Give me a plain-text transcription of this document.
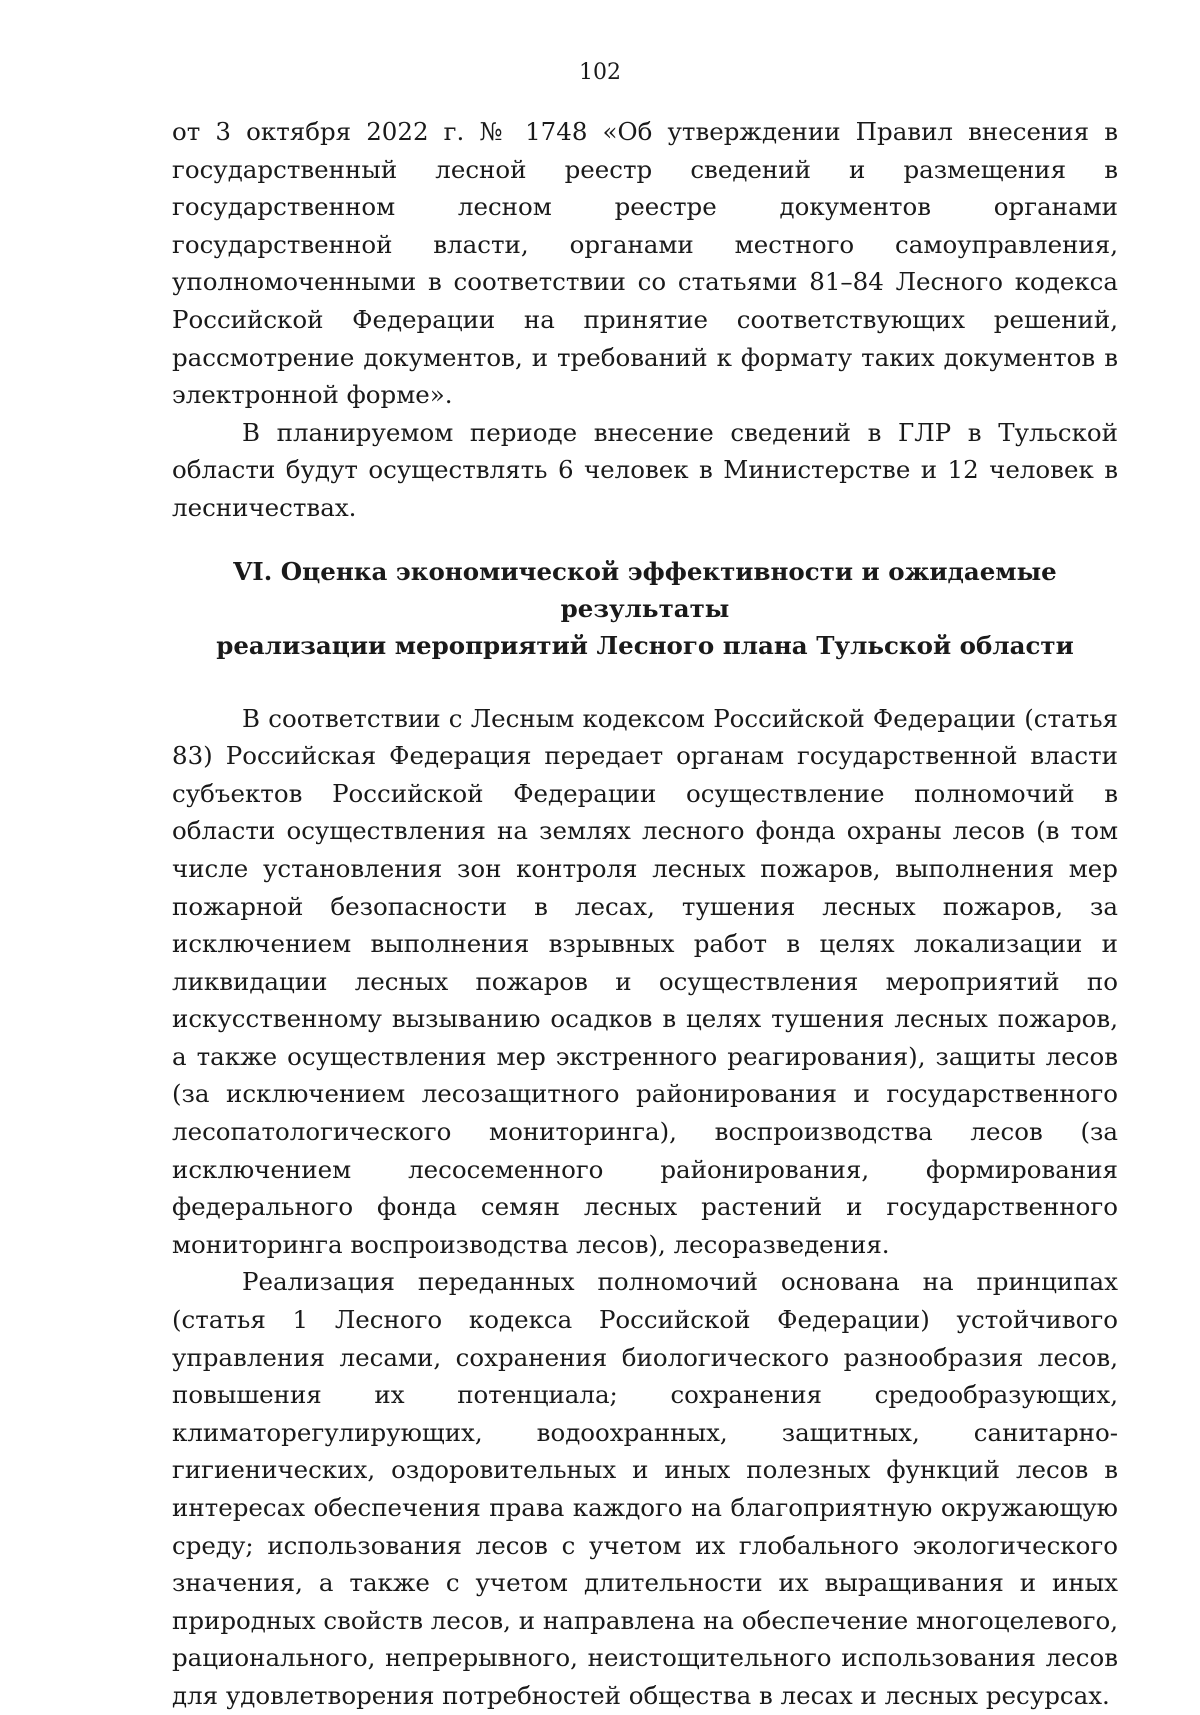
102

от 3 октября 2022 г. № 1748 «Об утверждении Правил внесения в государственный лесной реестр сведений и размещения в государственном лесном реестре документов органами государственной власти, органами местного самоуправления, уполномоченными в соответствии со статьями 81–84 Лесного кодекса Российской Федерации на принятие соответствующих решений, рассмотрение документов, и требований к формату таких документов в электронной форме».

В планируемом периоде внесение сведений в ГЛР в Тульской области будут осуществлять 6 человек в Министерстве и 12 человек в лесничествах.

VI. Оценка экономической эффективности и ожидаемые результаты
реализации мероприятий Лесного плана Тульской области

В соответствии с Лесным кодексом Российской Федерации (статья 83) Российская Федерация передает органам государственной власти субъектов Российской Федерации осуществление полномочий в области осуществления на землях лесного фонда охраны лесов (в том числе установления зон контроля лесных пожаров, выполнения мер пожарной безопасности в лесах, тушения лесных пожаров, за исключением выполнения взрывных работ в целях локализации и ликвидации лесных пожаров и осуществления мероприятий по искусственному вызыванию осадков в целях тушения лесных пожаров, а также осуществления мер экстренного реагирования), защиты лесов (за исключением лесозащитного районирования и государственного лесопатологического мониторинга), воспроизводства лесов (за исключением лесосеменного районирования, формирования федерального фонда семян лесных растений и государственного мониторинга воспроизводства лесов), лесоразведения.

Реализация переданных полномочий основана на принципах (статья 1 Лесного кодекса Российской Федерации) устойчивого управления лесами, сохранения биологического разнообразия лесов, повышения их потенциала; сохранения средообразующих, климаторегулирующих, водоохранных, защитных, санитарно-гигиенических, оздоровительных и иных полезных функций лесов в интересах обеспечения права каждого на благоприятную окружающую среду; использования лесов с учетом их глобального экологического значения, а также с учетом длительности их выращивания и иных природных свойств лесов, и направлена на обеспечение многоцелевого, рационального, непрерывного, неистощительного использования лесов для удовлетворения потребностей общества в лесах и лесных ресурсах.
